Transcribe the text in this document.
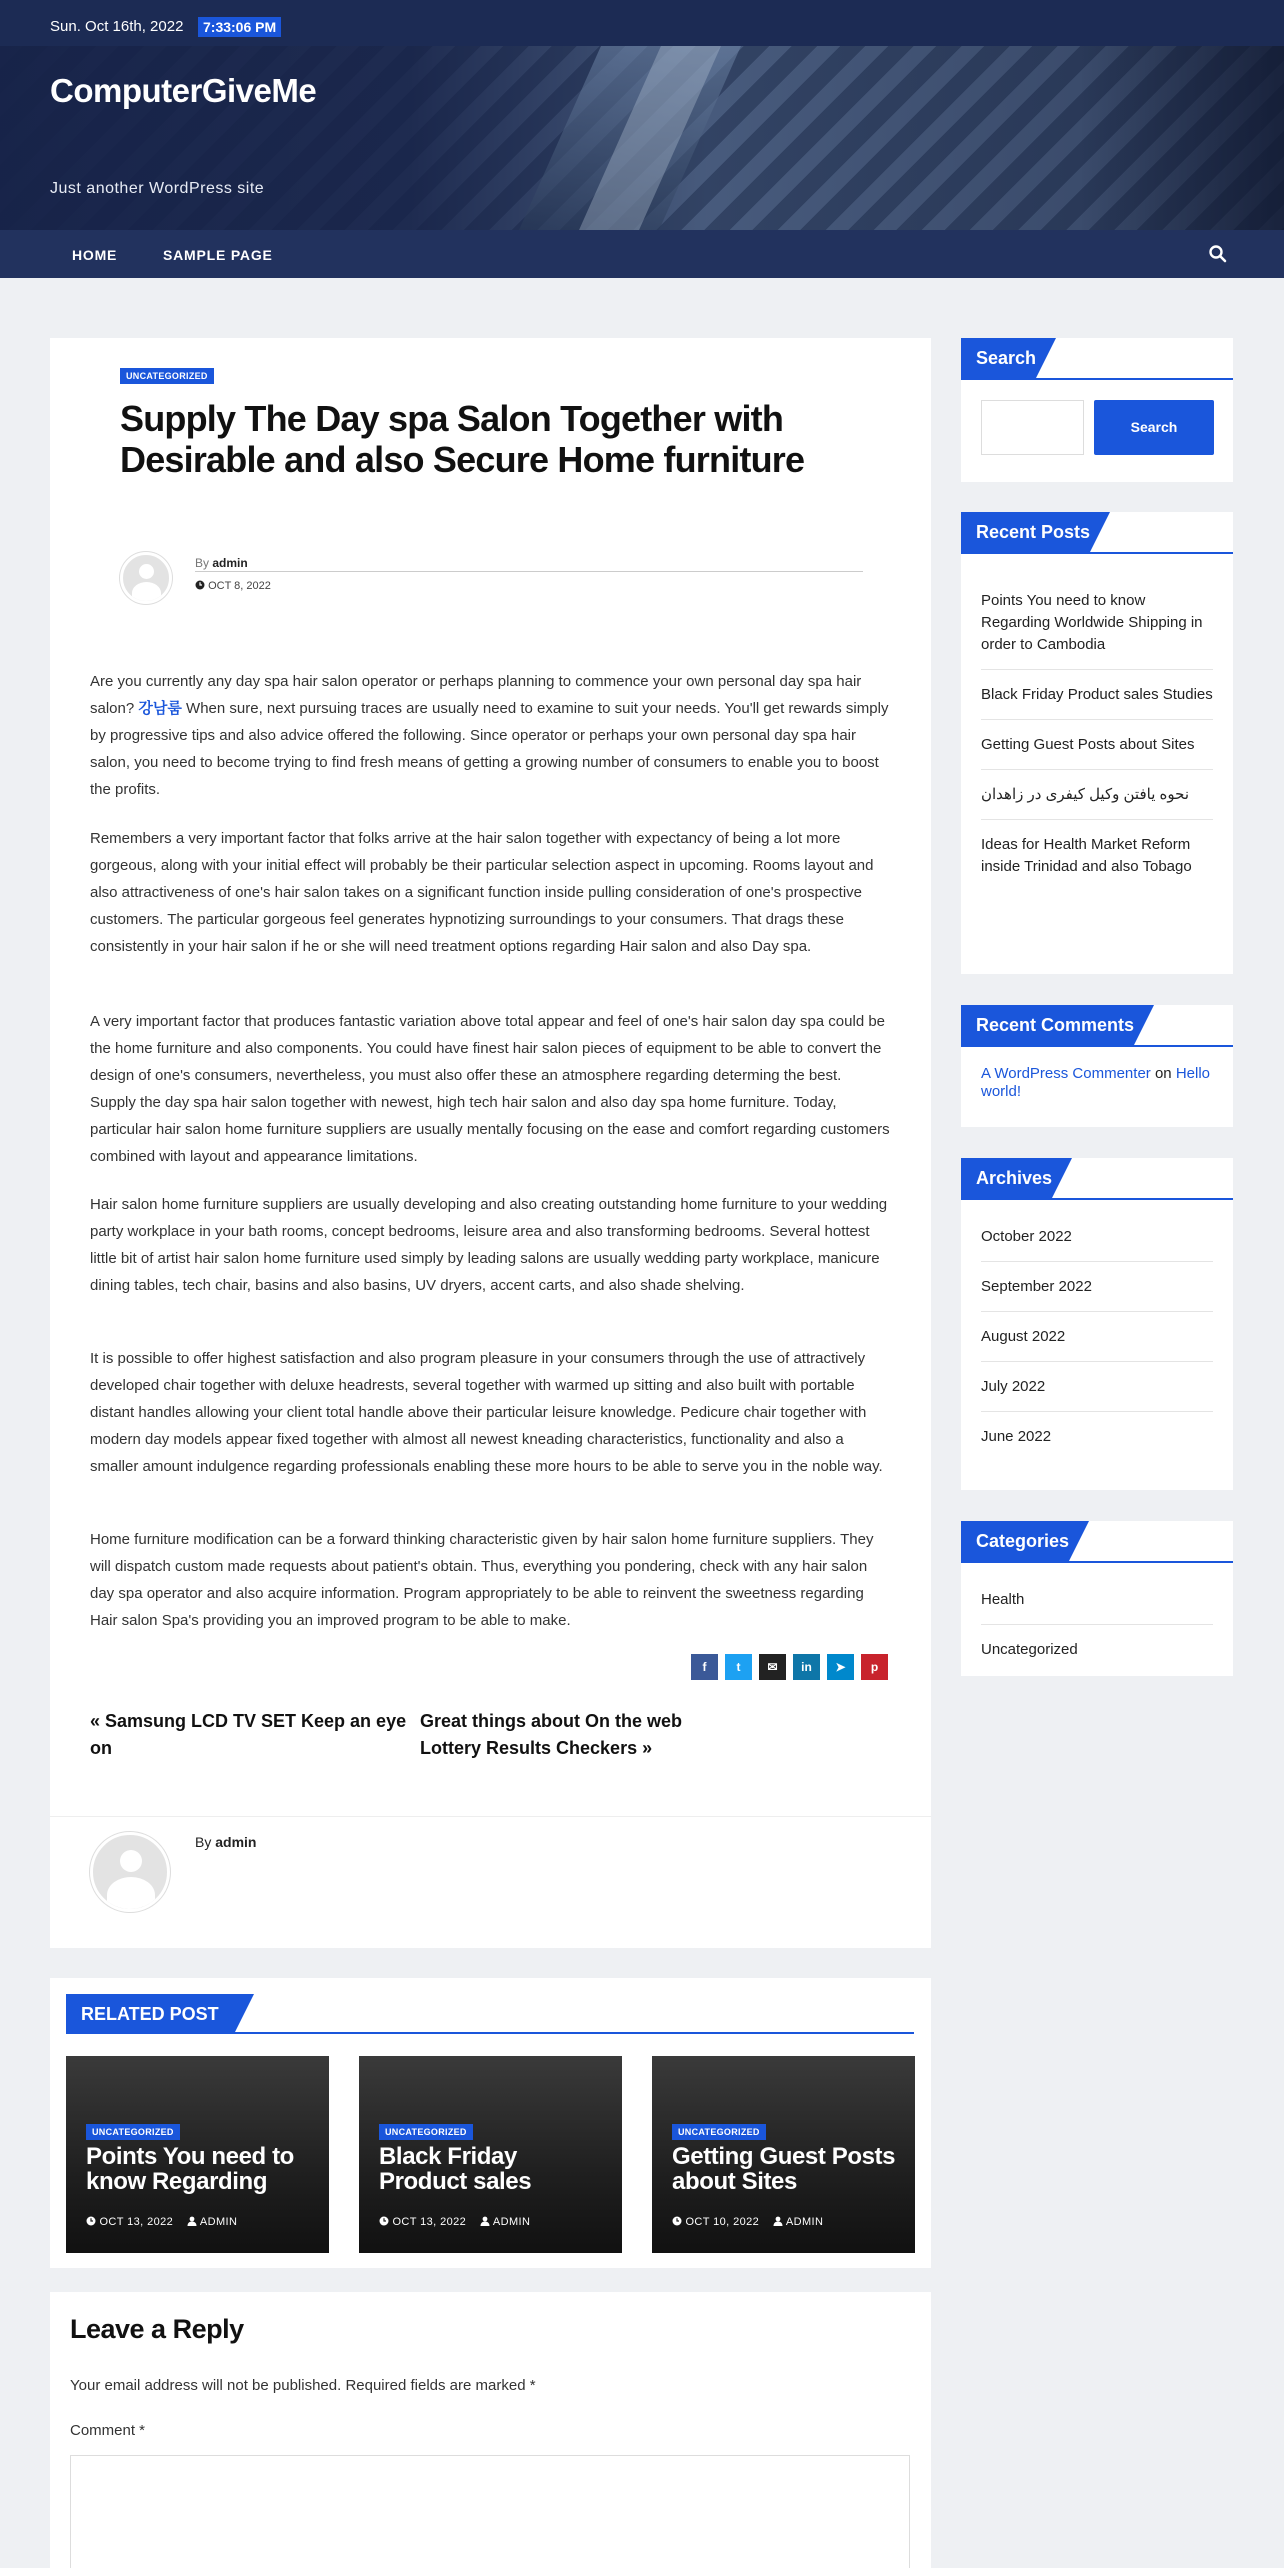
Sun. Oct 16th, 2022	7:33:06 PM
ComputerGiveMe
Just another WordPress site
HOME	SAMPLE PAGE
UNCATEGORIZED
Supply The Day spa Salon Together with Desirable and also Secure Home furniture
By admin
OCT 8, 2022

Are you currently any day spa hair salon operator or perhaps planning to commence your own personal day spa hair salon? 강남룸 When sure, next pursuing traces are usually need to examine to suit your needs. You'll get rewards simply by progressive tips and also advice offered the following. Since operator or perhaps your own personal day spa hair salon, you need to become trying to find fresh means of getting a growing number of consumers to enable you to boost the profits.

Remembers a very important factor that folks arrive at the hair salon together with expectancy of being a lot more gorgeous, along with your initial effect will probably be their particular selection aspect in upcoming. Rooms layout and also attractiveness of one's hair salon takes on a significant function inside pulling consideration of one's prospective customers. The particular gorgeous feel generates hypnotizing surroundings to your consumers. That drags these consistently in your hair salon if he or she will need treatment options regarding Hair salon and also Day spa.

A very important factor that produces fantastic variation above total appear and feel of one's hair salon day spa could be the home furniture and also components. You could have finest hair salon pieces of equipment to be able to convert the design of one's consumers, nevertheless, you must also offer these an atmosphere regarding determing the best. Supply the day spa hair salon together with newest, high tech hair salon and also day spa home furniture. Today, particular hair salon home furniture suppliers are usually mentally focusing on the ease and comfort regarding customers combined with layout and appearance limitations.

Hair salon home furniture suppliers are usually developing and also creating outstanding home furniture to your wedding party workplace in your bath rooms, concept bedrooms, leisure area and also transforming bedrooms. Several hottest little bit of artist hair salon home furniture used simply by leading salons are usually wedding party workplace, manicure dining tables, tech chair, basins and also basins, UV dryers, accent carts, and also shade shelving.

It is possible to offer highest satisfaction and also program pleasure in your consumers through the use of attractively developed chair together with deluxe headrests, several together with warmed up sitting and also built with portable distant handles allowing your client total handle above their particular leisure knowledge. Pedicure chair together with modern day models appear fixed together with almost all newest kneading characteristics, functionality and also a smaller amount indulgence regarding professionals enabling these more hours to be able to serve you in the noble way.

Home furniture modification can be a forward thinking characteristic given by hair salon home furniture suppliers. They will dispatch custom made requests about patient's obtain. Thus, everything you pondering, check with any hair salon day spa operator and also acquire information. Program appropriately to be able to reinvent the sweetness regarding Hair salon Spa's providing you an improved program to be able to make.

f	t	✉	in	➤	p
« Samsung LCD TV SET Keep an eye on
Great things about On the web Lottery Results Checkers »
By admin
Search
Search
Recent Posts
Points You need to know Regarding Worldwide Shipping in order to Cambodia
Black Friday Product sales Studies
Getting Guest Posts about Sites
نحوه یافتن وکیل کیفری در زاهدان
Ideas for Health Market Reform inside Trinidad and also Tobago
Recent Comments
A WordPress Commenter on Hello world!
Archives
October 2022
September 2022
August 2022
July 2022
June 2022
Categories
Health
Uncategorized
RELATED POST
UNCATEGORIZED
Points You need to know Regarding
OCT 13, 2022 ADMIN
UNCATEGORIZED
Black Friday Product sales
OCT 13, 2022 ADMIN
UNCATEGORIZED
Getting Guest Posts about Sites
OCT 10, 2022 ADMIN
Leave a Reply
Your email address will not be published. Required fields are marked *
Comment *
